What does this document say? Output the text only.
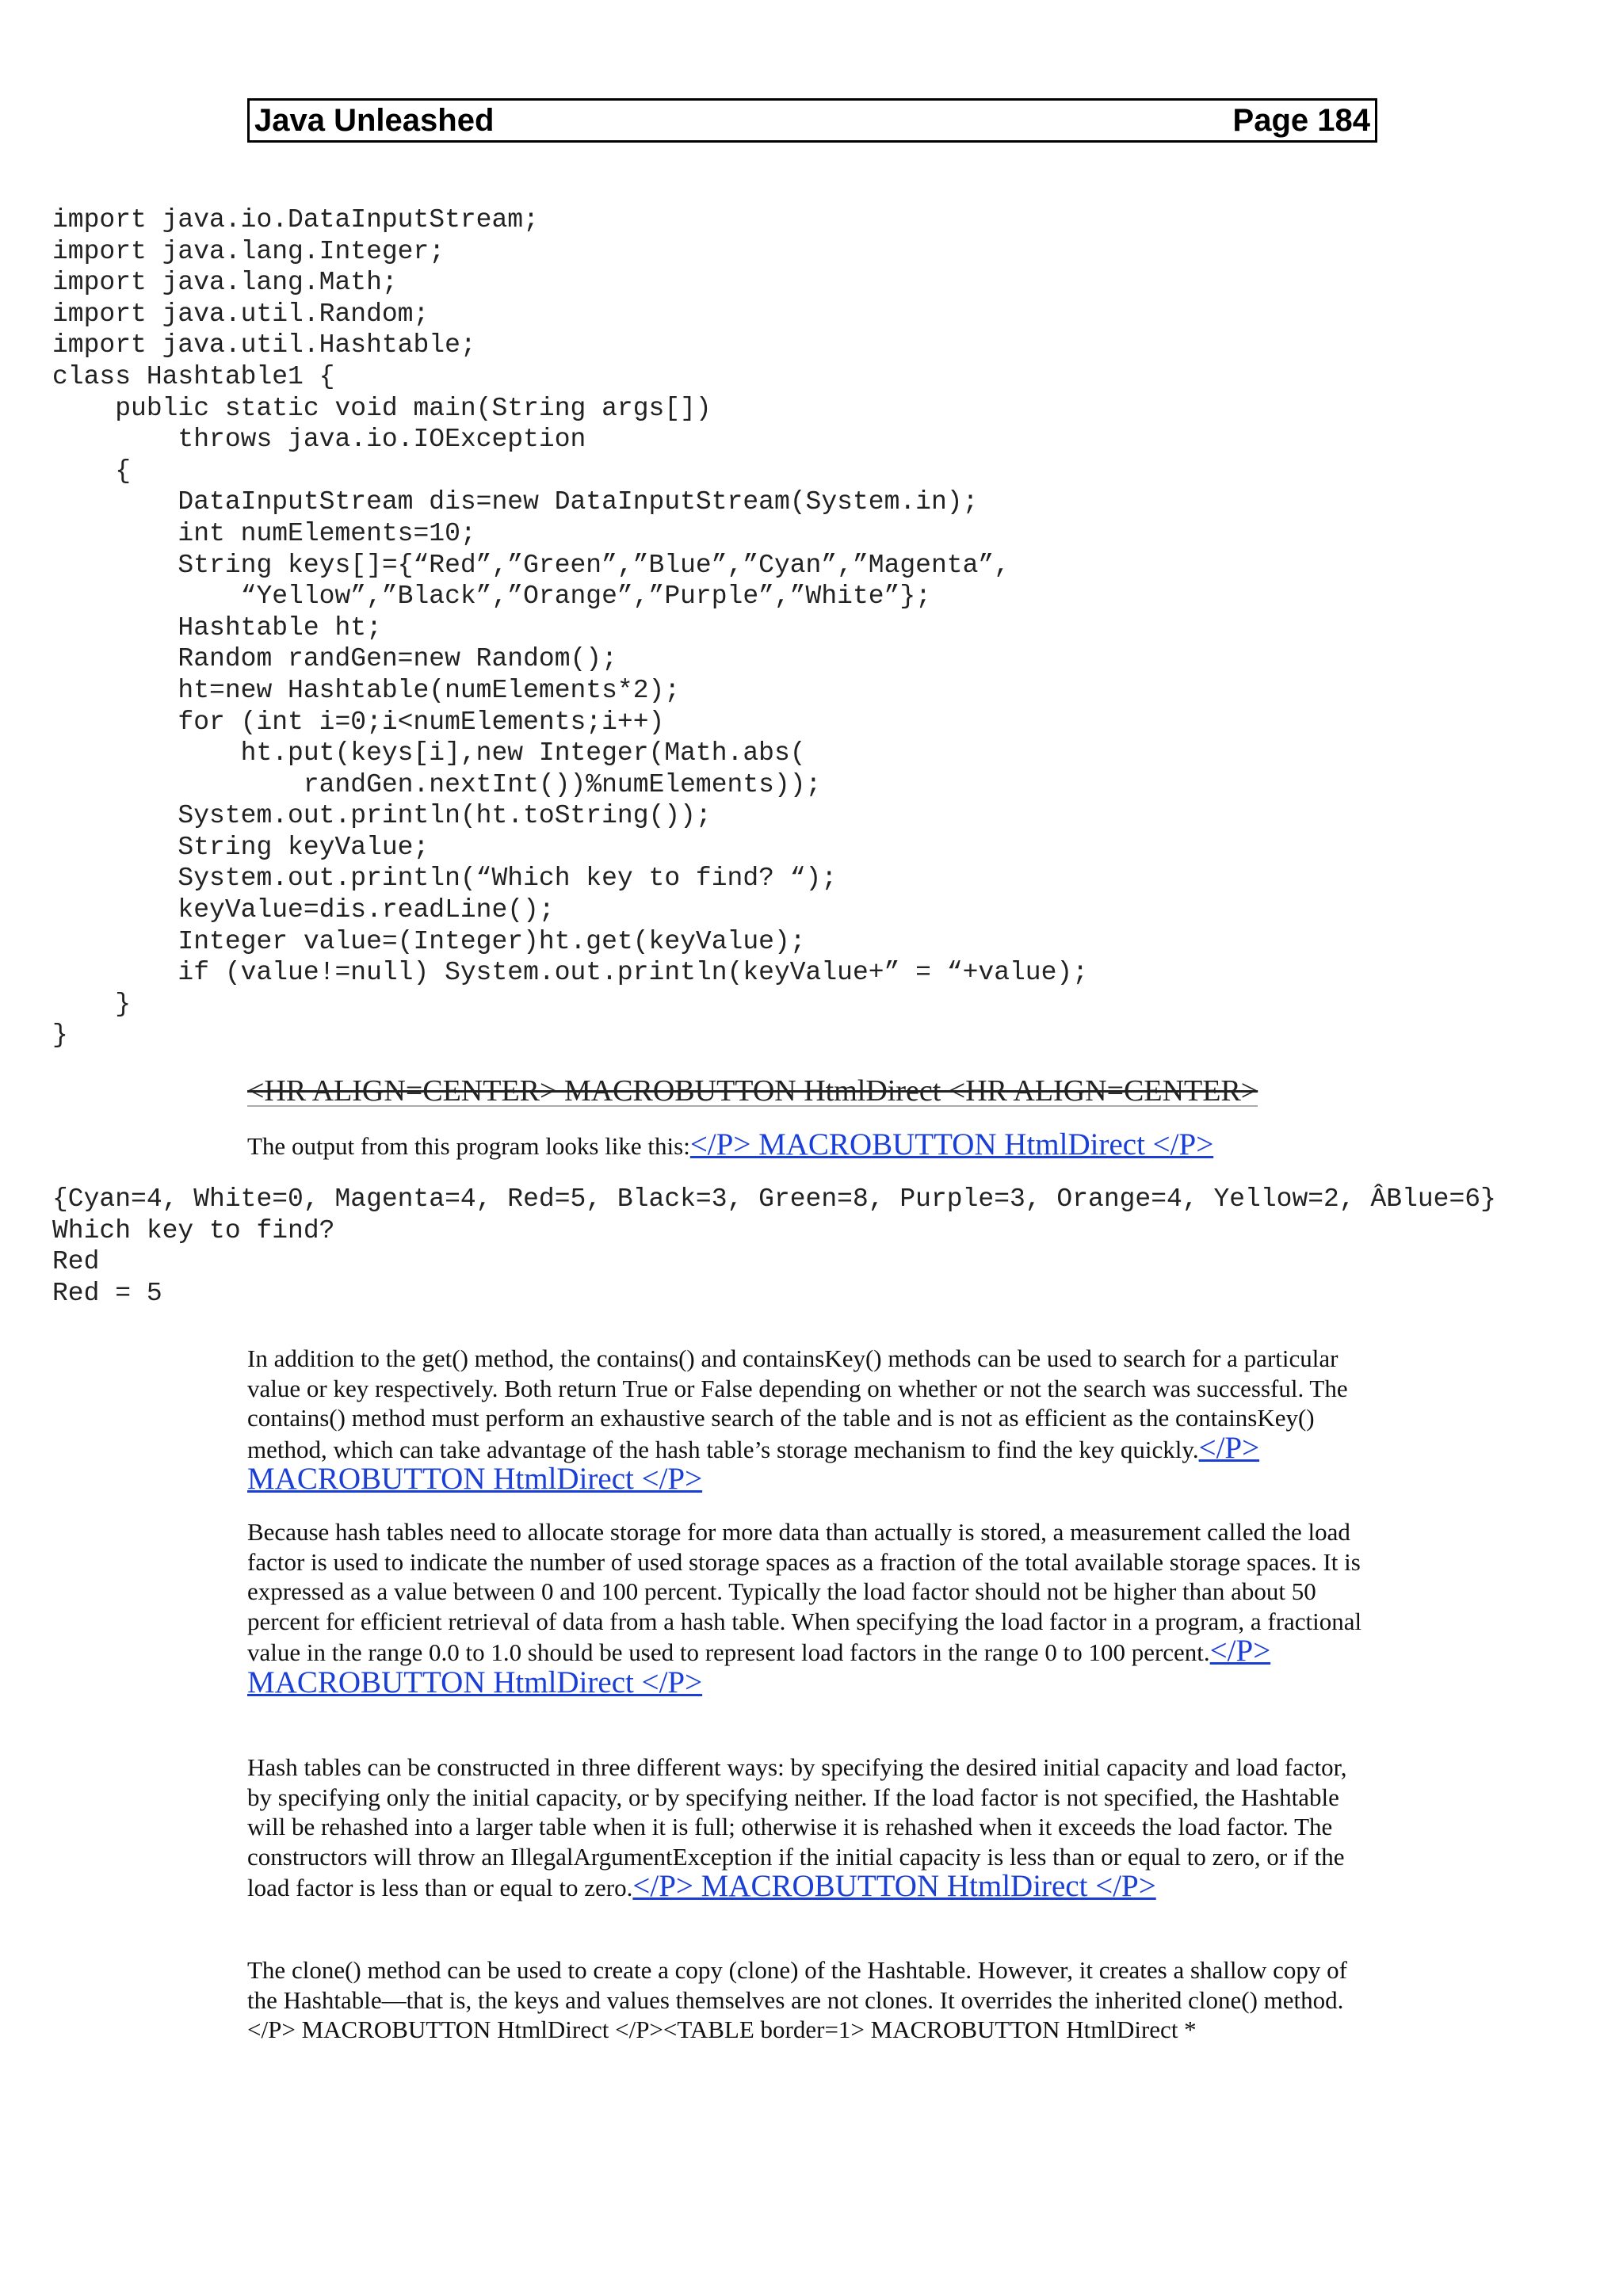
Java Unleashed	Page 184
import java.io.DataInputStream;
import java.lang.Integer;
import java.lang.Math;
import java.util.Random;
import java.util.Hashtable;
class Hashtable1 {
public static void main(String args[])
throws java.io.IOException
{
DataInputStream dis=new DataInputStream(System.in);
int numElements=10;
String keys[]={“Red”,”Green”,”Blue”,”Cyan”,”Magenta”,
“Yellow”,”Black”,”Orange”,”Purple”,”White”};
Hashtable ht;
Random randGen=new Random();
ht=new Hashtable(numElements*2);
for (int i=0;i<numElements;i++)
ht.put(keys[i],new Integer(Math.abs(
randGen.nextInt())%numElements));
System.out.println(ht.toString());
String keyValue;
System.out.println(“Which key to find? “);
keyValue=dis.readLine();
Integer value=(Integer)ht.get(keyValue);
if (value!=null) System.out.println(keyValue+” = “+value);
}
}
<HR ALIGN=CENTER> MACROBUTTON HtmlDirect <HR ALIGN=CENTER>
The output from this program looks like this:</P> MACROBUTTON HtmlDirect </P>
{Cyan=4, White=0, Magenta=4, Red=5, Black=3, Green=8, Purple=3, Orange=4, Yellow=2, ÂBlue=6}
Which key to find?
Red
Red = 5
In addition to the get() method, the contains() and containsKey() methods can be used to search for a particular value or key respectively. Both return True or False depending on whether or not the search was successful. The contains() method must perform an exhaustive search of the table and is not as efficient as the containsKey() method, which can take advantage of the hash table’s storage mechanism to find the key quickly.</P> MACROBUTTON HtmlDirect </P>
Because hash tables need to allocate storage for more data than actually is stored, a measurement called the load factor is used to indicate the number of used storage spaces as a fraction of the total available storage spaces. It is expressed as a value between 0 and 100 percent. Typically the load factor should not be higher than about 50 percent for efficient retrieval of data from a hash table. When specifying the load factor in a program, a fractional value in the range 0.0 to 1.0 should be used to represent load factors in the range 0 to 100 percent.</P> MACROBUTTON HtmlDirect </P>
Hash tables can be constructed in three different ways: by specifying the desired initial capacity and load factor, by specifying only the initial capacity, or by specifying neither. If the load factor is not specified, the Hashtable will be rehashed into a larger table when it is full; otherwise it is rehashed when it exceeds the load factor. The constructors will throw an IllegalArgumentException if the initial capacity is less than or equal to zero, or if the load factor is less than or equal to zero.</P> MACROBUTTON HtmlDirect </P>
The clone() method can be used to create a copy (clone) of the Hashtable. However, it creates a shallow copy of the Hashtable—that is, the keys and values themselves are not clones. It overrides the inherited clone() method.</P> MACROBUTTON HtmlDirect </P><TABLE border=1> MACROBUTTON HtmlDirect *
